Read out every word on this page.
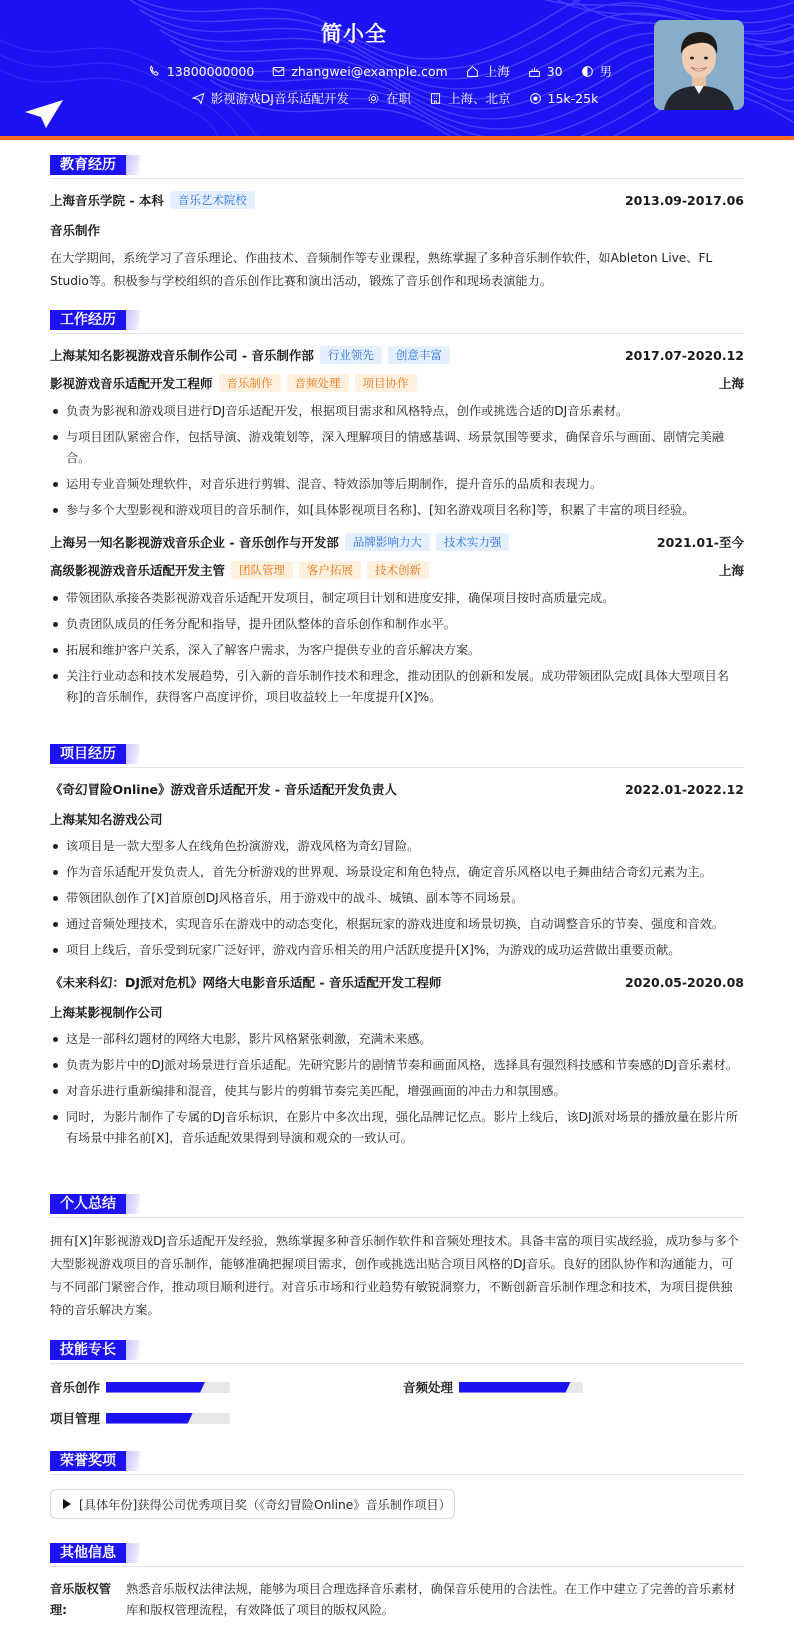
简小全
13800000000	zhangwei@example.com	上海	30	男
影视游戏DJ音乐适配开发	在职	上海、北京	15k-25k
教育经历
上海音乐学院 - 本科	音乐艺术院校	2013.09-2017.06
音乐制作
在大学期间，系统学习了音乐理论、作曲技术、音频制作等专业课程，熟练掌握了多种音乐制作软件，如Ableton Live、FL Studio等。积极参与学校组织的音乐创作比赛和演出活动，锻炼了音乐创作和现场表演能力。
工作经历
上海某知名影视游戏音乐制作公司 - 音乐制作部	行业领先	创意丰富	2017.07-2020.12
影视游戏音乐适配开发工程师	音乐制作	音频处理	项目协作	上海
负责为影视和游戏项目进行DJ音乐适配开发，根据项目需求和风格特点，创作或挑选合适的DJ音乐素材。
与项目团队紧密合作，包括导演、游戏策划等，深入理解项目的情感基调、场景氛围等要求，确保音乐与画面、剧情完美融合。
运用专业音频处理软件，对音乐进行剪辑、混音、特效添加等后期制作，提升音乐的品质和表现力。
参与多个大型影视和游戏项目的音乐制作，如[具体影视项目名称]、[知名游戏项目名称]等，积累了丰富的项目经验。
上海另一知名影视游戏音乐企业 - 音乐创作与开发部	品牌影响力大	技术实力强	2021.01-至今
高级影视游戏音乐适配开发主管	团队管理	客户拓展	技术创新	上海
带领团队承接各类影视游戏音乐适配开发项目，制定项目计划和进度安排，确保项目按时高质量完成。
负责团队成员的任务分配和指导，提升团队整体的音乐创作和制作水平。
拓展和维护客户关系，深入了解客户需求，为客户提供专业的音乐解决方案。
关注行业动态和技术发展趋势，引入新的音乐制作技术和理念，推动团队的创新和发展。成功带领团队完成[具体大型项目名称]的音乐制作，获得客户高度评价，项目收益较上一年度提升[X]%。
项目经历
《奇幻冒险Online》游戏音乐适配开发 - 音乐适配开发负责人	2022.01-2022.12
上海某知名游戏公司
该项目是一款大型多人在线角色扮演游戏，游戏风格为奇幻冒险。
作为音乐适配开发负责人，首先分析游戏的世界观、场景设定和角色特点，确定音乐风格以电子舞曲结合奇幻元素为主。
带领团队创作了[X]首原创DJ风格音乐，用于游戏中的战斗、城镇、副本等不同场景。
通过音频处理技术，实现音乐在游戏中的动态变化，根据玩家的游戏进度和场景切换，自动调整音乐的节奏、强度和音效。
项目上线后，音乐受到玩家广泛好评，游戏内音乐相关的用户活跃度提升[X]%，为游戏的成功运营做出重要贡献。
《未来科幻：DJ派对危机》网络大电影音乐适配 - 音乐适配开发工程师	2020.05-2020.08
上海某影视制作公司
这是一部科幻题材的网络大电影，影片风格紧张刺激，充满未来感。
负责为影片中的DJ派对场景进行音乐适配。先研究影片的剧情节奏和画面风格，选择具有强烈科技感和节奏感的DJ音乐素材。
对音乐进行重新编排和混音，使其与影片的剪辑节奏完美匹配，增强画面的冲击力和氛围感。
同时，为影片制作了专属的DJ音乐标识，在影片中多次出现，强化品牌记忆点。影片上线后，该DJ派对场景的播放量在影片所有场景中排名前[X]，音乐适配效果得到导演和观众的一致认可。
个人总结
拥有[X]年影视游戏DJ音乐适配开发经验，熟练掌握多种音乐制作软件和音频处理技术。具备丰富的项目实战经验，成功参与多个大型影视游戏项目的音乐制作，能够准确把握项目需求，创作或挑选出贴合项目风格的DJ音乐。良好的团队协作和沟通能力，可与不同部门紧密合作，推动项目顺利进行。对音乐市场和行业趋势有敏锐洞察力，不断创新音乐制作理念和技术，为项目提供独特的音乐解决方案。
技能专长
音乐创作	音频处理
项目管理
荣誉奖项
[具体年份]获得公司优秀项目奖（《奇幻冒险Online》音乐制作项目）
其他信息
音乐版权管理:
熟悉音乐版权法律法规，能够为项目合理选择音乐素材，确保音乐使用的合法性。在工作中建立了完善的音乐素材库和版权管理流程，有效降低了项目的版权风险。
